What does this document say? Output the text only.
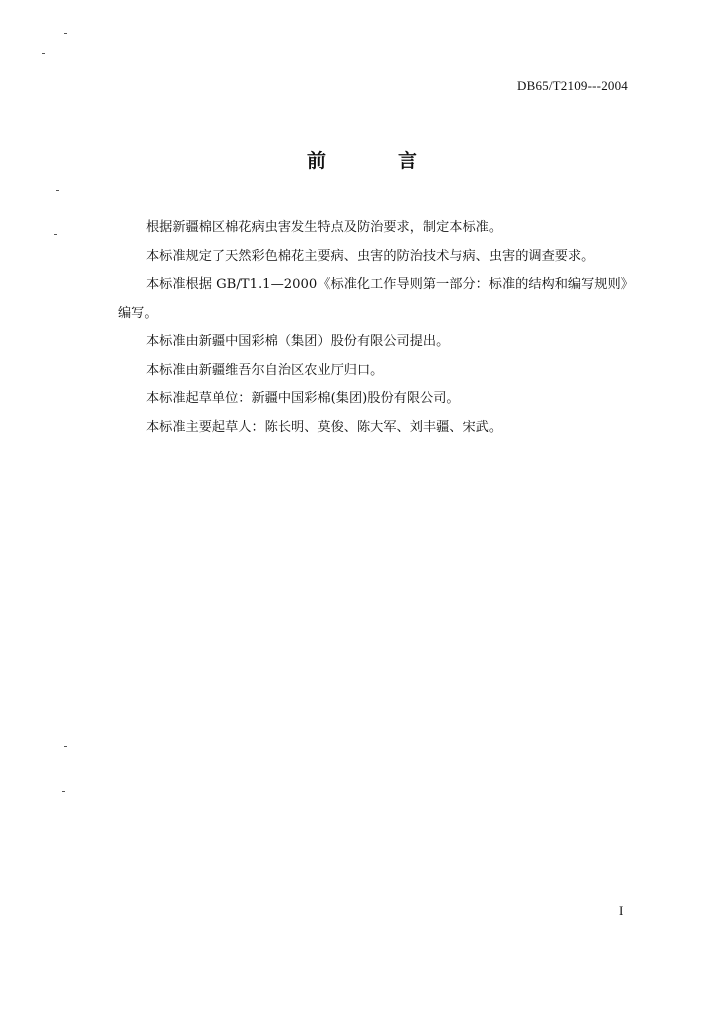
DB65/T2109---2004
前	言

根据新疆棉区棉花病虫害发生特点及防治要求，制定本标准。

本标准规定了天然彩色棉花主要病、虫害的防治技术与病、虫害的调查要求。

本标准根据 GB/T1.1—2000《标准化工作导则第一部分：标准的结构和编写规则》编写。

本标准由新疆中国彩棉（集团）股份有限公司提出。

本标准由新疆维吾尔自治区农业厅归口。

本标准起草单位：新疆中国彩棉(集团)股份有限公司。

本标准主要起草人：陈长明、莫俊、陈大军、刘丰疆、宋武。

I
